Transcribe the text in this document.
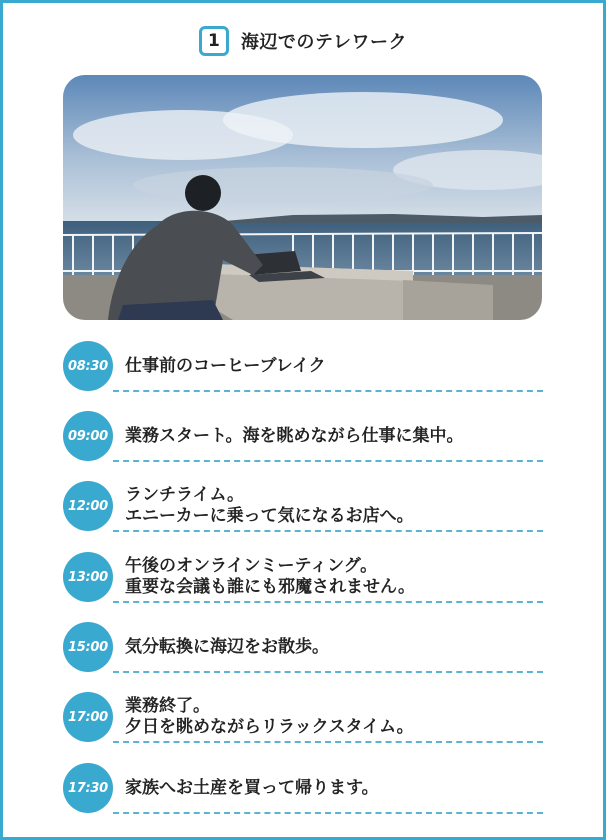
1	海辺でのテレワーク
08:30 仕事前のコーヒーブレイク
09:00 業務スタート。海を眺めながら仕事に集中。
12:00
ランチライム。
エニーカーに乗って気になるお店へ。
13:00
午後のオンラインミーティング。
重要な会議も誰にも邪魔されません。
15:00 気分転換に海辺をお散歩。
17:00
業務終了。
夕日を眺めながらリラックスタイム。
17:30 家族へお土産を買って帰ります。
